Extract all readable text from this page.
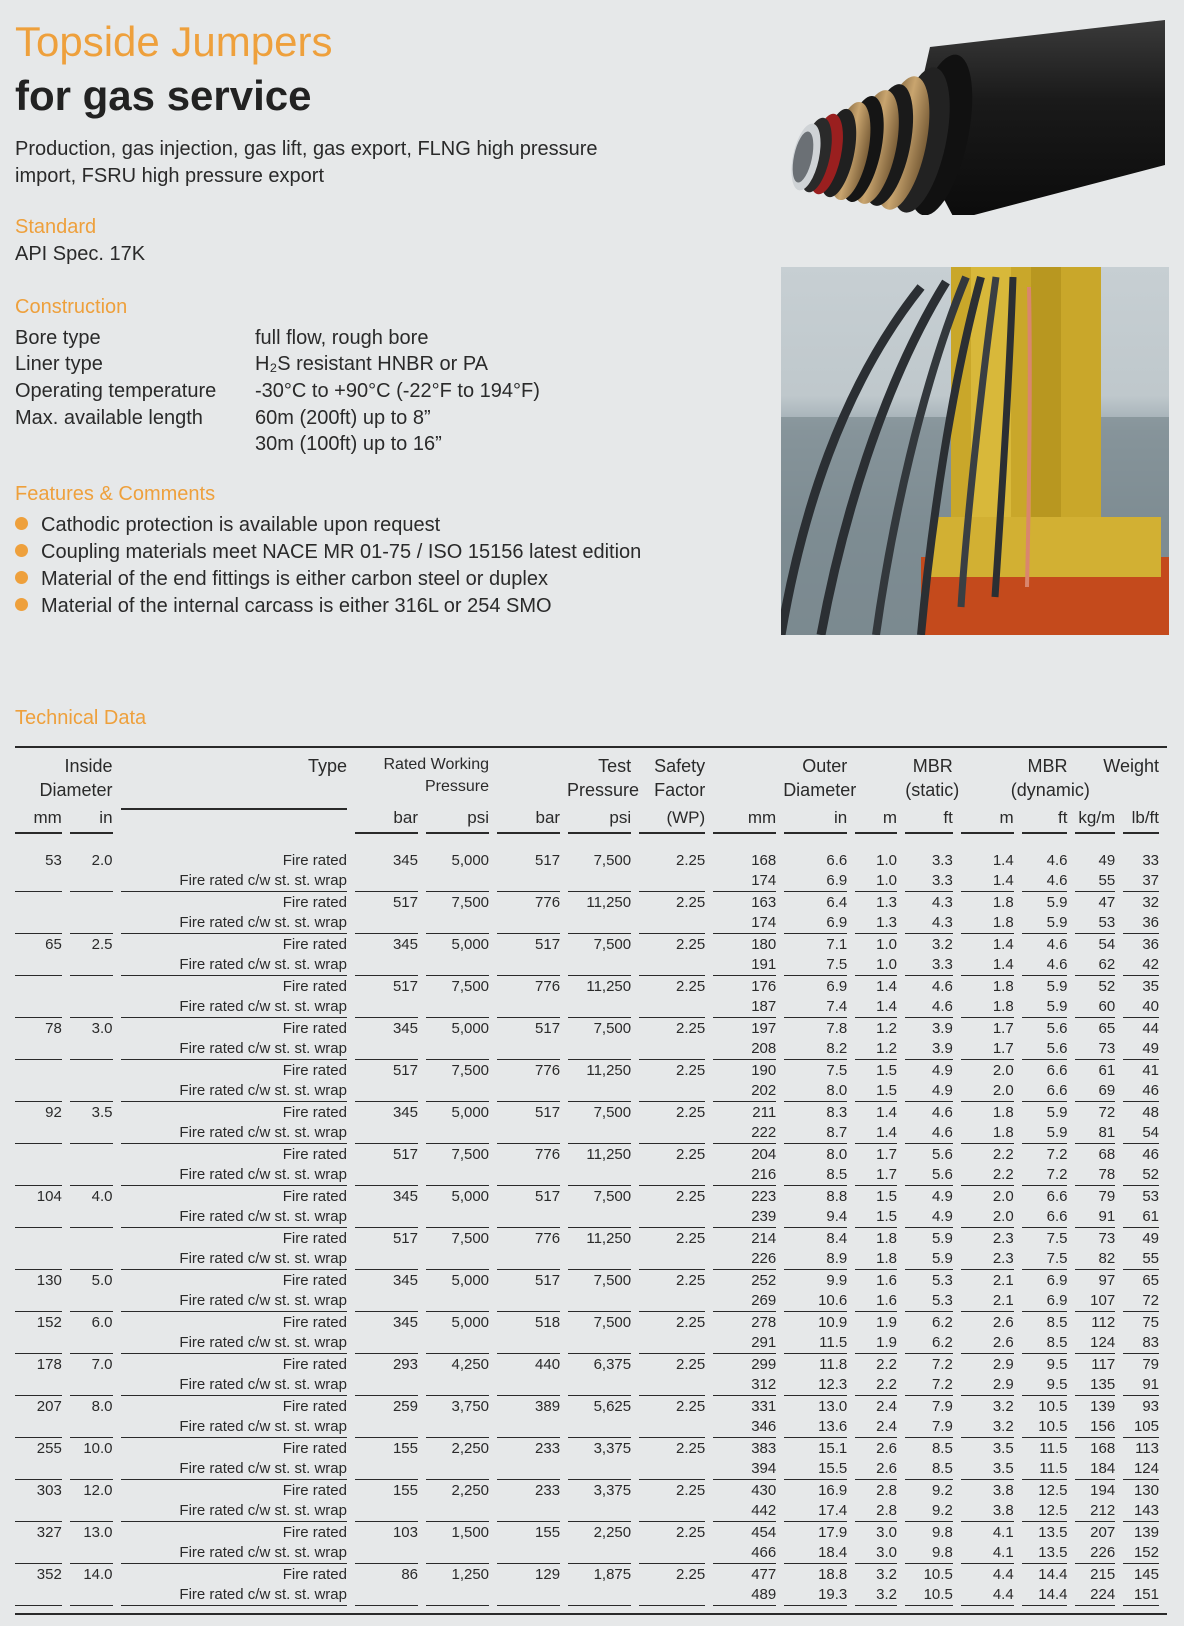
Topside Jumpers
for gas service
Production, gas injection, gas lift, gas export, FLNG high pressure import, FSRU high pressure export
Standard
API Spec. 17K
Construction
Bore type	full flow, rough bore
Liner type	H₂S resistant HNBR or PA
Operating temperature -30°C to +90°C (-22°F to 194°F)
Max. available length	60m (200ft) up to 8”
30m (100ft) up to 16”
Features & Comments
Cathodic protection is available upon request
Coupling materials meet NACE MR 01-75 / ISO 15156 latest edition
Material of the end fittings is either carbon steel or duplex
Material of the internal carcass is either 316L or 254 SMO
Technical Data
Inside Diameter		Type	Rated Working Pressure		Test Pressure		Safety Factor	Outer Diameter		MBR (static)		MBR (dynamic)		Weight	

mm	in		bar	psi	bar	psi	(WP)	mm	in	m	ft	m	ft	kg/m	lb/ft

53	2.0	Fire rated	345	5,000	517	7,500	2.25	168	6.6	1.0	3.3	1.4	4.6	49	33

		Fire rated c/w st. st. wrap						174	6.9	1.0	3.3	1.4	4.6	55	37

		Fire rated	517	7,500	776	11,250	2.25	163	6.4	1.3	4.3	1.8	5.9	47	32

		Fire rated c/w st. st. wrap						174	6.9	1.3	4.3	1.8	5.9	53	36

65	2.5	Fire rated	345	5,000	517	7,500	2.25	180	7.1	1.0	3.2	1.4	4.6	54	36

		Fire rated c/w st. st. wrap						191	7.5	1.0	3.3	1.4	4.6	62	42

		Fire rated	517	7,500	776	11,250	2.25	176	6.9	1.4	4.6	1.8	5.9	52	35

		Fire rated c/w st. st. wrap						187	7.4	1.4	4.6	1.8	5.9	60	40

78	3.0	Fire rated	345	5,000	517	7,500	2.25	197	7.8	1.2	3.9	1.7	5.6	65	44

		Fire rated c/w st. st. wrap						208	8.2	1.2	3.9	1.7	5.6	73	49

		Fire rated	517	7,500	776	11,250	2.25	190	7.5	1.5	4.9	2.0	6.6	61	41

		Fire rated c/w st. st. wrap						202	8.0	1.5	4.9	2.0	6.6	69	46

92	3.5	Fire rated	345	5,000	517	7,500	2.25	211	8.3	1.4	4.6	1.8	5.9	72	48

		Fire rated c/w st. st. wrap						222	8.7	1.4	4.6	1.8	5.9	81	54

		Fire rated	517	7,500	776	11,250	2.25	204	8.0	1.7	5.6	2.2	7.2	68	46

		Fire rated c/w st. st. wrap						216	8.5	1.7	5.6	2.2	7.2	78	52

104	4.0	Fire rated	345	5,000	517	7,500	2.25	223	8.8	1.5	4.9	2.0	6.6	79	53

		Fire rated c/w st. st. wrap						239	9.4	1.5	4.9	2.0	6.6	91	61

		Fire rated	517	7,500	776	11,250	2.25	214	8.4	1.8	5.9	2.3	7.5	73	49

		Fire rated c/w st. st. wrap						226	8.9	1.8	5.9	2.3	7.5	82	55

130	5.0	Fire rated	345	5,000	517	7,500	2.25	252	9.9	1.6	5.3	2.1	6.9	97	65

		Fire rated c/w st. st. wrap						269	10.6	1.6	5.3	2.1	6.9	107	72

152	6.0	Fire rated	345	5,000	518	7,500	2.25	278	10.9	1.9	6.2	2.6	8.5	112	75

		Fire rated c/w st. st. wrap						291	11.5	1.9	6.2	2.6	8.5	124	83

178	7.0	Fire rated	293	4,250	440	6,375	2.25	299	11.8	2.2	7.2	2.9	9.5	117	79

		Fire rated c/w st. st. wrap						312	12.3	2.2	7.2	2.9	9.5	135	91

207	8.0	Fire rated	259	3,750	389	5,625	2.25	331	13.0	2.4	7.9	3.2	10.5	139	93

		Fire rated c/w st. st. wrap						346	13.6	2.4	7.9	3.2	10.5	156	105

255	10.0	Fire rated	155	2,250	233	3,375	2.25	383	15.1	2.6	8.5	3.5	11.5	168	113

		Fire rated c/w st. st. wrap						394	15.5	2.6	8.5	3.5	11.5	184	124

303	12.0	Fire rated	155	2,250	233	3,375	2.25	430	16.9	2.8	9.2	3.8	12.5	194	130

		Fire rated c/w st. st. wrap						442	17.4	2.8	9.2	3.8	12.5	212	143

327	13.0	Fire rated	103	1,500	155	2,250	2.25	454	17.9	3.0	9.8	4.1	13.5	207	139

		Fire rated c/w st. st. wrap						466	18.4	3.0	9.8	4.1	13.5	226	152

352	14.0	Fire rated	86	1,250	129	1,875	2.25	477	18.8	3.2	10.5	4.4	14.4	215	145

		Fire rated c/w st. st. wrap						489	19.3	3.2	10.5	4.4	14.4	224	151
